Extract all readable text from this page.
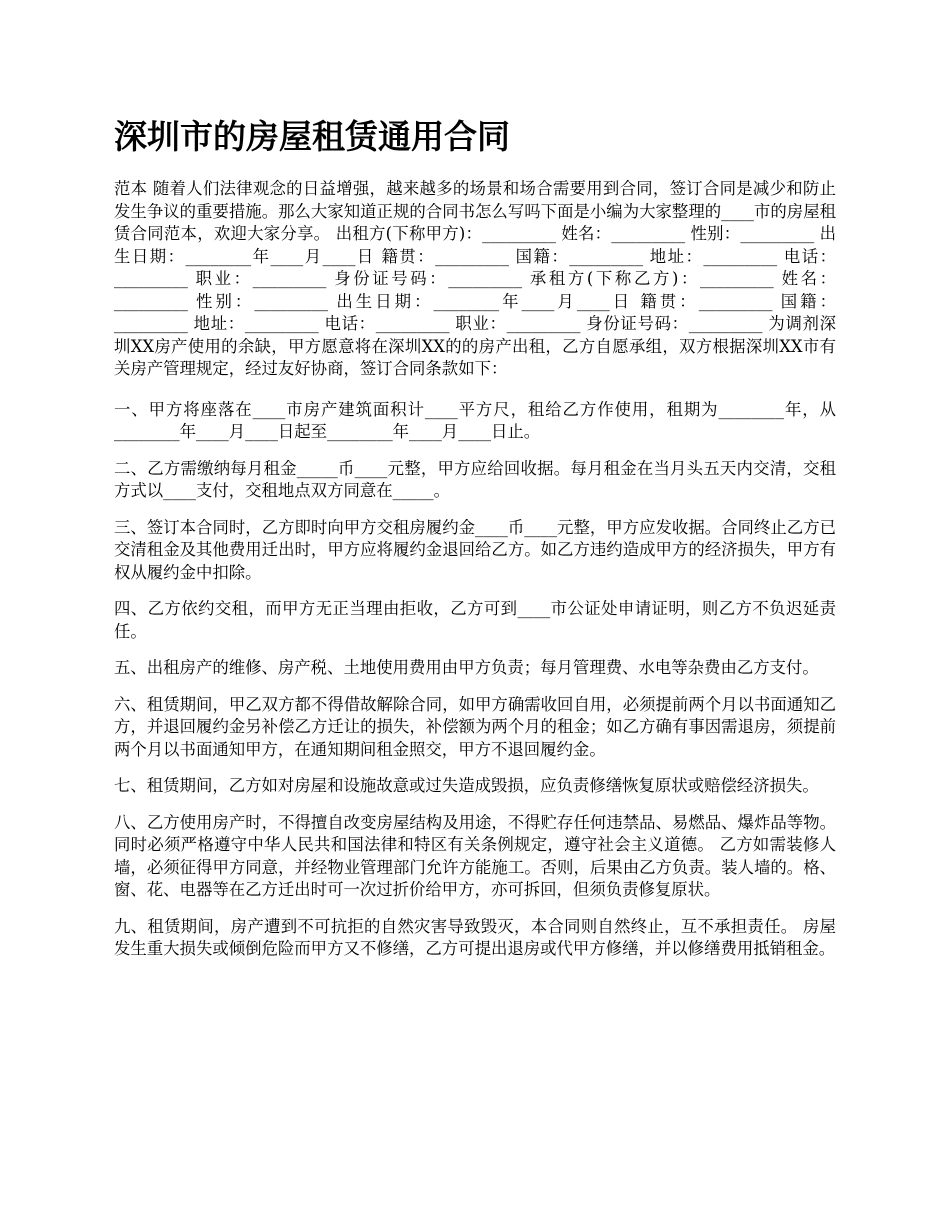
深圳市的房屋租赁通用合同

范本 随着人们法律观念的日益增强，越来越多的场景和场合需要用到合同，签订合同是减少和防止发生争议的重要措施。那么大家知道正规的合同书怎么写吗下面是小编为大家整理的____市的房屋租赁合同范本，欢迎大家分享。 出租方(下称甲方)：_________ 姓名：_________ 性别：_________ 出生日期：________年____月____日 籍贯：_________ 国籍：_________ 地址：_________ 电话：_________ 职业：_________ 身份证号码：_________ 承租方(下称乙方)：_________ 姓名：_________ 性别：_________ 出生日期：________年____月____日 籍贯：_________ 国籍：_________ 地址：_________ 电话：_________ 职业：_________ 身份证号码：_________ 为调剂深圳XX房产使用的余缺，甲方愿意将在深圳XX的的房产出租，乙方自愿承组，双方根据深圳XX市有关房产管理规定，经过友好协商，签订合同条款如下：

一、甲方将座落在____市房产建筑面积计____平方尺，租给乙方作使用，租期为________年，从________年____月____日起至________年____月____日止。

二、乙方需缴纳每月租金_____币____元整，甲方应给回收据。每月租金在当月头五天内交清，交租方式以____支付，交租地点双方同意在_____。

三、签订本合同时，乙方即时向甲方交租房履约金____币____元整，甲方应发收据。合同终止乙方已交清租金及其他费用迁出时，甲方应将履约金退回给乙方。如乙方违约造成甲方的经济损失，甲方有权从履约金中扣除。

四、乙方依约交租，而甲方无正当理由拒收，乙方可到____市公证处申请证明，则乙方不负迟延责任。

五、出租房产的维修、房产税、土地使用费用由甲方负责；每月管理费、水电等杂费由乙方支付。

六、租赁期间，甲乙双方都不得借故解除合同，如甲方确需收回自用，必须提前两个月以书面通知乙方，并退回履约金另补偿乙方迁让的损失，补偿额为两个月的租金；如乙方确有事因需退房，须提前两个月以书面通知甲方，在通知期间租金照交，甲方不退回履约金。

七、租赁期间，乙方如对房屋和设施故意或过失造成毁损，应负责修缮恢复原状或赔偿经济损失。

八、乙方使用房产时，不得擅自改变房屋结构及用途，不得贮存任何违禁品、易燃品、爆炸品等物。同时必须严格遵守中华人民共和国法律和特区有关条例规定，遵守社会主义道德。 乙方如需装修人墙，必须征得甲方同意，并经物业管理部门允许方能施工。否则，后果由乙方负责。装人墙的。格、窗、花、电器等在乙方迁出时可一次过折价给甲方，亦可拆回，但须负责修复原状。

九、租赁期间，房产遭到不可抗拒的自然灾害导致毁灭，本合同则自然终止，互不承担责任。 房屋发生重大损失或倾倒危险而甲方又不修缮，乙方可提出退房或代甲方修缮，并以修缮费用抵销租金。
